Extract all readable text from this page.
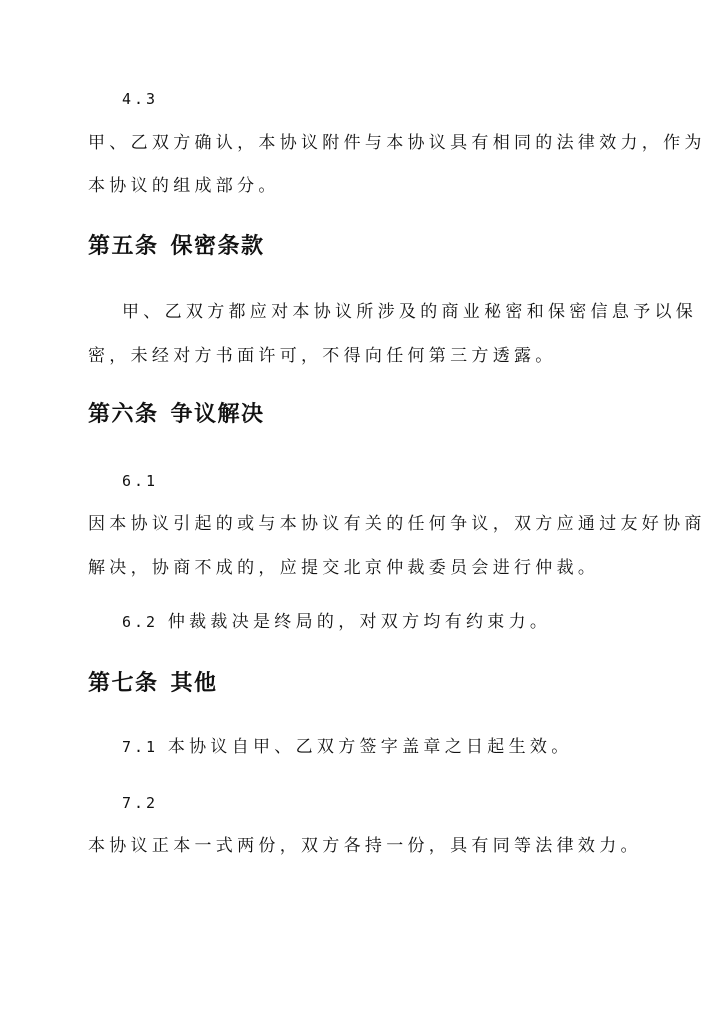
4.3
甲、乙双方确认，本协议附件与本协议具有相同的法律效力，作为
本协议的组成部分。
第五条 保密条款
甲、乙双方都应对本协议所涉及的商业秘密和保密信息予以保
密，未经对方书面许可，不得向任何第三方透露。
第六条 争议解决
6.1
因本协议引起的或与本协议有关的任何争议，双方应通过友好协商
解决，协商不成的，应提交北京仲裁委员会进行仲裁。
6.2 仲裁裁决是终局的，对双方均有约束力。
第七条 其他
7.1 本协议自甲、乙双方签字盖章之日起生效。
7.2
本协议正本一式两份，双方各持一份，具有同等法律效力。
